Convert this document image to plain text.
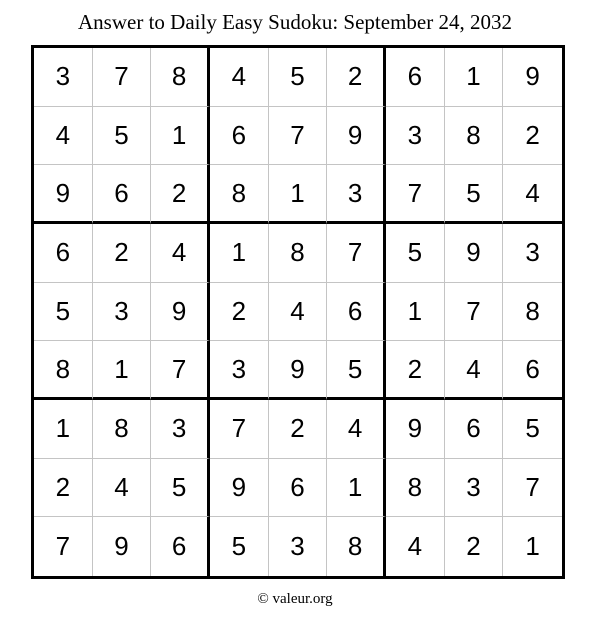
Answer to Daily Easy Sudoku: September 24, 2032
3	7	8	4	5	2	6	1	9
4	5	1	6	7	9	3	8	2
9	6	2	8	1	3	7	5	4
6	2	4	1	8	7	5	9	3
5	3	9	2	4	6	1	7	8
8	1	7	3	9	5	2	4	6
1	8	3	7	2	4	9	6	5
2	4	5	9	6	1	8	3	7
7	9	6	5	3	8	4	2	1
© valeur.org
